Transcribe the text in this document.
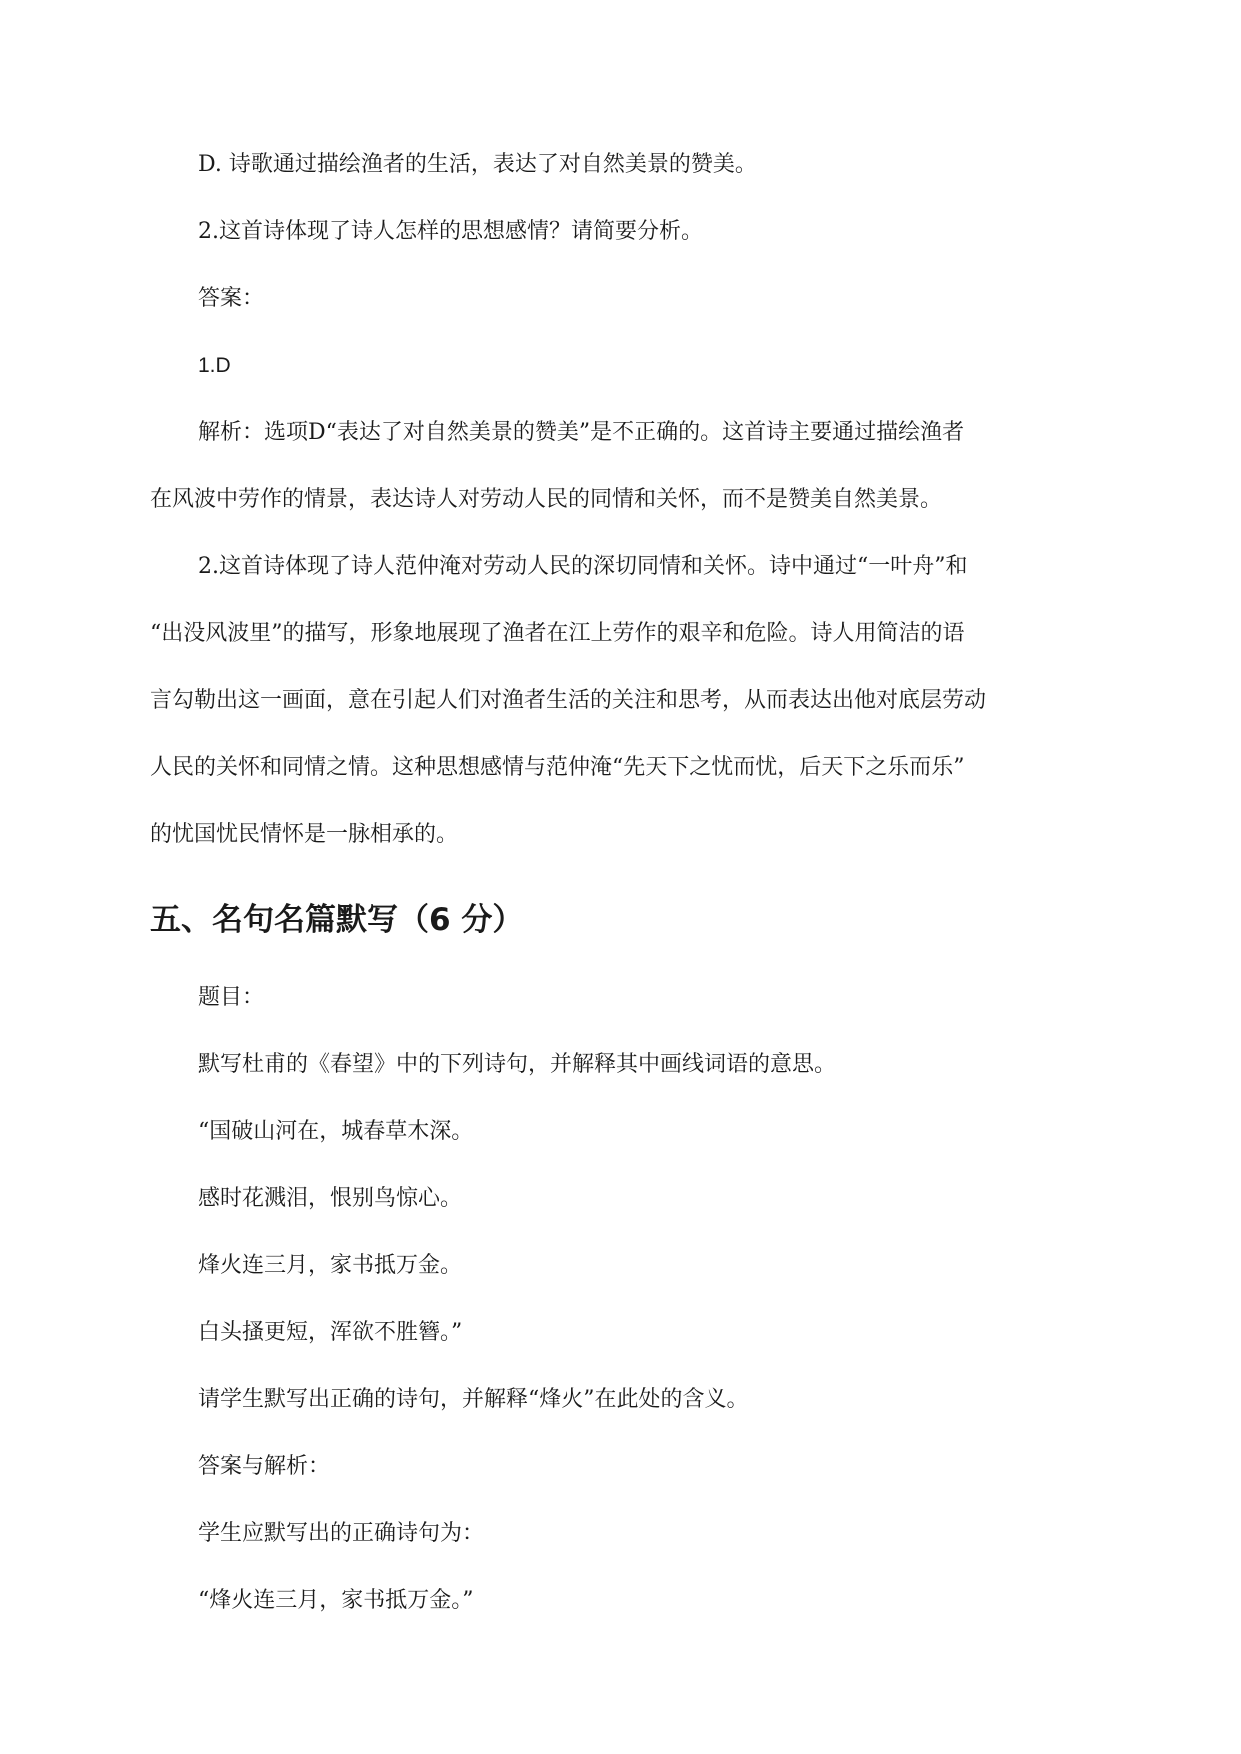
D. 诗歌通过描绘渔者的生活，表达了对自然美景的赞美。
2.这首诗体现了诗人怎样的思想感情？请简要分析。
答案：
1.D
解析：选项D“表达了对自然美景的赞美”是不正确的。这首诗主要通过描绘渔者
在风波中劳作的情景，表达诗人对劳动人民的同情和关怀，而不是赞美自然美景。
2.这首诗体现了诗人范仲淹对劳动人民的深切同情和关怀。诗中通过“一叶舟”和
“出没风波里”的描写，形象地展现了渔者在江上劳作的艰辛和危险。诗人用简洁的语
言勾勒出这一画面，意在引起人们对渔者生活的关注和思考，从而表达出他对底层劳动
人民的关怀和同情之情。这种思想感情与范仲淹“先天下之忧而忧，后天下之乐而乐”
的忧国忧民情怀是一脉相承的。
五、名句名篇默写（6 分）
题目：
默写杜甫的《春望》中的下列诗句，并解释其中画线词语的意思。
“国破山河在，城春草木深。
感时花溅泪，恨别鸟惊心。
烽火连三月，家书抵万金。
白头搔更短，浑欲不胜簪。”
请学生默写出正确的诗句，并解释“烽火”在此处的含义。
答案与解析：
学生应默写出的正确诗句为：
“烽火连三月，家书抵万金。”
